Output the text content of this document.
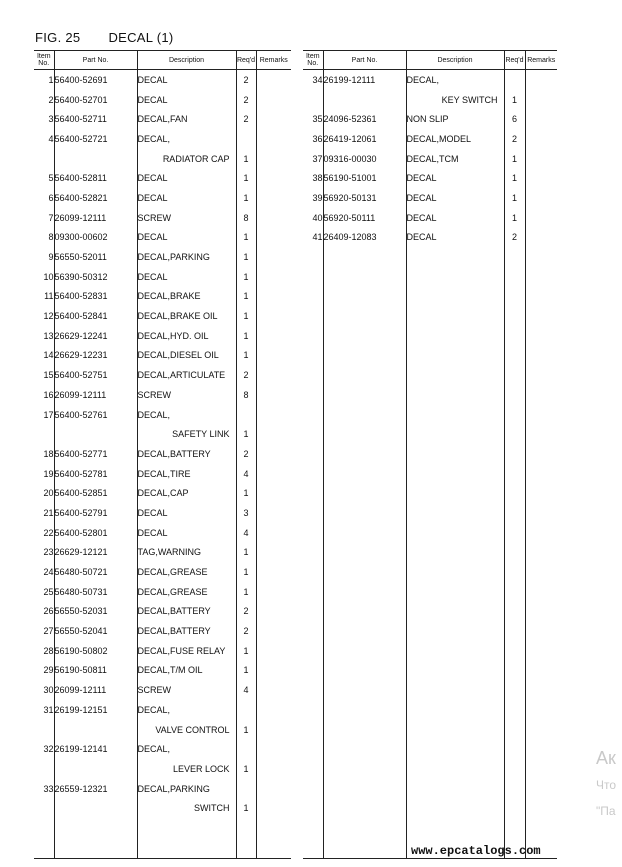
FIG. 25 DECAL (1)
Item No.	Part No.	Description	Req'd	Remarks
1	56400-52691	DECAL	2	
2	56400-52701	DECAL	2	
3	56400-52711	DECAL,FAN	2	
4	56400-52721	DECAL,		
		RADIATOR CAP	1	
5	56400-52811	DECAL	1	
6	56400-52821	DECAL	1	
7	26099-12111	SCREW	8	
8	09300-00602	DECAL	1	
9	56550-52011	DECAL,PARKING	1	
10	56390-50312	DECAL	1	
11	56400-52831	DECAL,BRAKE	1	
12	56400-52841	DECAL,BRAKE OIL	1	
13	26629-12241	DECAL,HYD. OIL	1	
14	26629-12231	DECAL,DIESEL OIL	1	
15	56400-52751	DECAL,ARTICULATE	2	
16	26099-12111	SCREW	8	
17	56400-52761	DECAL,		
		SAFETY LINK	1	
18	56400-52771	DECAL,BATTERY	2	
19	56400-52781	DECAL,TIRE	4	
20	56400-52851	DECAL,CAP	1	
21	56400-52791	DECAL	3	
22	56400-52801	DECAL	4	
23	26629-12121	TAG,WARNING	1	
24	56480-50721	DECAL,GREASE	1	
25	56480-50731	DECAL,GREASE	1	
26	56550-52031	DECAL,BATTERY	2	
27	56550-52041	DECAL,BATTERY	2	
28	56190-50802	DECAL,FUSE RELAY	1	
29	56190-50811	DECAL,T/M OIL	1	
30	26099-12111	SCREW	4	
31	26199-12151	DECAL,		
		VALVE CONTROL	1	
32	26199-12141	DECAL,		
		LEVER LOCK	1	
33	26559-12321	DECAL,PARKING		
		SWITCH	1	

Item No.	Part No.	Description	Req'd	Remarks
34	26199-12111	DECAL,		
		KEY SWITCH	1	
35	24096-52361	NON SLIP	6	
36	26419-12061	DECAL,MODEL	2	
37	09316-00030	DECAL,TCM	1	
38	56190-51001	DECAL	1	
39	56920-50131	DECAL	1	
40	56920-50111	DECAL	1	
41	26409-12083	DECAL	2	

Ак
Что
"Па
www.epcatalogs.com
